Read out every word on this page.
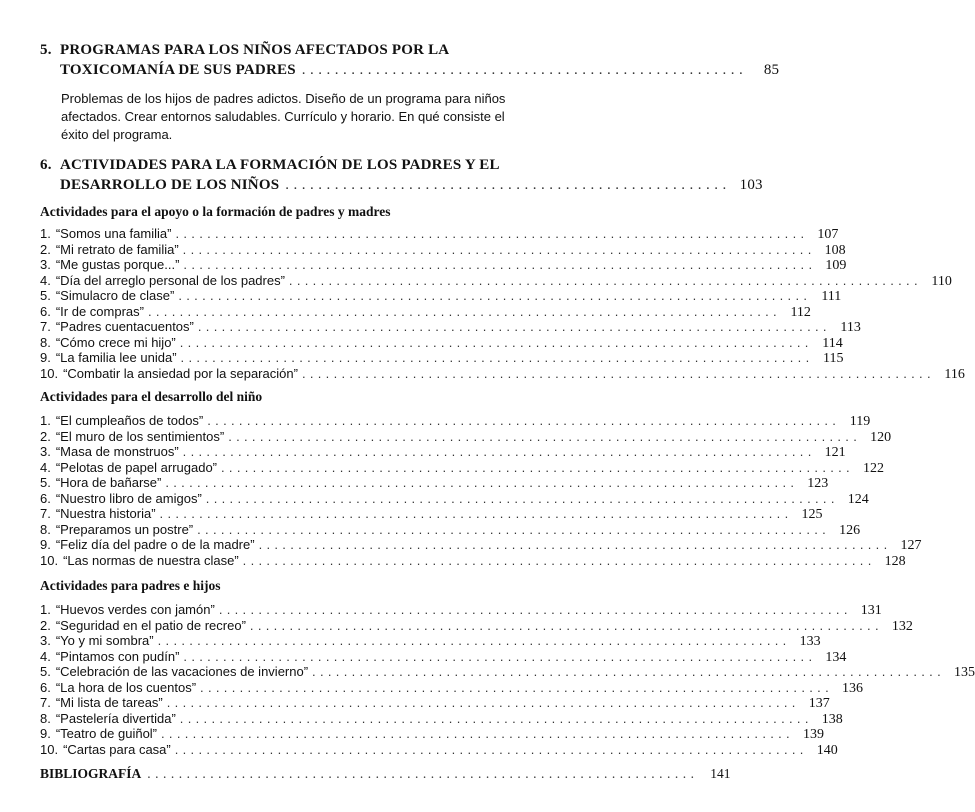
5. PROGRAMAS PARA LOS NIÑOS AFECTADOS POR LA
TOXICOMANÍA DE SUS PADRES ......................................................	85
Problemas de los hijos de padres adictos. Diseño de un programa para niños afectados. Crear entornos saludables. Currículo y horario. En qué consiste el éxito del programa.
6. ACTIVIDADES PARA LA FORMACIÓN DE LOS PADRES Y EL
DESARROLLO DE LOS NIÑOS ...................................................... 103
Actividades para el apoyo o la formación de padres y madres
1. “Somos una familia” ................................................................................ 107
2. “Mi retrato de familia” ................................................................................ 108
3. “Me gustas porque...” ................................................................................ 109
4. “Día del arreglo personal de los padres” ................................................................................ 110
5. “Simulacro de clase” ................................................................................ 111
6. “Ir de compras” ................................................................................ 112
7. “Padres cuentacuentos” ................................................................................ 113
8. “Cómo crece mi hijo” ................................................................................ 114
9. “La familia lee unida” ................................................................................ 115
10. “Combatir la ansiedad por la separación” ................................................................................ 116
Actividades para el desarrollo del niño
1. “El cumpleaños de todos” ................................................................................ 119
2. “El muro de los sentimientos” ................................................................................ 120
3. “Masa de monstruos” ................................................................................ 121
4. “Pelotas de papel arrugado” ................................................................................ 122
5. “Hora de bañarse” ................................................................................ 123
6. “Nuestro libro de amigos” ................................................................................ 124
7. “Nuestra historia” ................................................................................ 125
8. “Preparamos un postre” ................................................................................ 126
9. “Feliz día del padre o de la madre” ................................................................................ 127
10. “Las normas de nuestra clase” ................................................................................ 128
Actividades para padres e hijos
1. “Huevos verdes con jamón” ................................................................................ 131
2. “Seguridad en el patio de recreo” ................................................................................ 132
3. “Yo y mi sombra” ................................................................................ 133
4. “Pintamos con pudín” ................................................................................ 134
5. “Celebración de las vacaciones de invierno” ................................................................................ 135
6. “La hora de los cuentos” ................................................................................ 136
7. “Mi lista de tareas” ................................................................................ 137
8. “Pastelería divertida” ................................................................................ 138
9. “Teatro de guiñol” ................................................................................ 139
10. “Cartas para casa” ................................................................................ 140
BIBLIOGRAFÍA ...................................................................... 141
